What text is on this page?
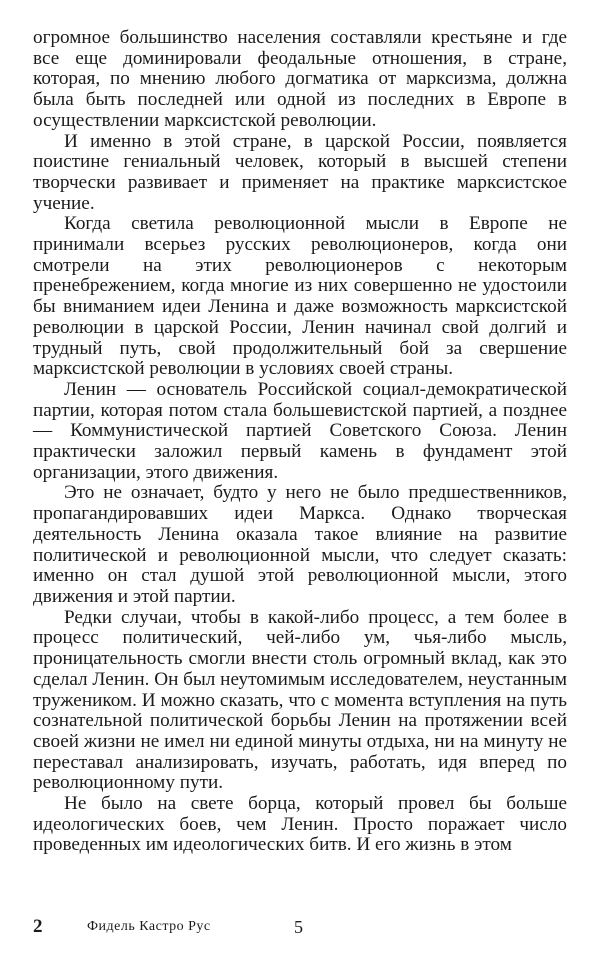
огромное большинство населения составляли крестьяне и где все еще доминировали феодальные отношения, в стране, которая, по мнению любого догматика от марксизма, должна была быть последней или одной из последних в Европе в осуществлении марксистской революции.

И именно в этой стране, в царской России, появляется поистине гениальный человек, который в высшей степени творчески развивает и применяет на практике марксистское учение.

Когда светила революционной мысли в Европе не принимали всерьез русских революционеров, когда они смотрели на этих революционеров с некоторым пренебрежением, когда многие из них совершенно не удостоили бы вниманием идеи Ленина и даже возможность марксистской революции в царской России, Ленин начинал свой долгий и трудный путь, свой продолжительный бой за свершение марксистской революции в условиях своей страны.

Ленин — основатель Российской социал-демократической партии, которая потом стала большевистской партией, а позднее — Коммунистической партией Советского Союза. Ленин практически заложил первый камень в фундамент этой организации, этого движения.

Это не означает, будто у него не было предшественников, пропагандировавших идеи Маркса. Однако творческая деятельность Ленина оказала такое влияние на развитие политической и революционной мысли, что следует сказать: именно он стал душой этой революционной мысли, этого движения и этой партии.

Редки случаи, чтобы в какой-либо процесс, а тем более в процесс политический, чей-либо ум, чья-либо мысль, проницательность смогли внести столь огромный вклад, как это сделал Ленин. Он был неутомимым исследователем, неустанным тружеником. И можно сказать, что с момента вступления на путь сознательной политической борьбы Ленин на протяжении всей своей жизни не имел ни единой минуты отдыха, ни на минуту не переставал анализировать, изучать, работать, идя вперед по революционному пути.

Не было на свете борца, который провел бы больше идеологических боев, чем Ленин. Просто поражает число проведенных им идеологических битв. И его жизнь в этом

2	Фидель Кастро Рус	5
